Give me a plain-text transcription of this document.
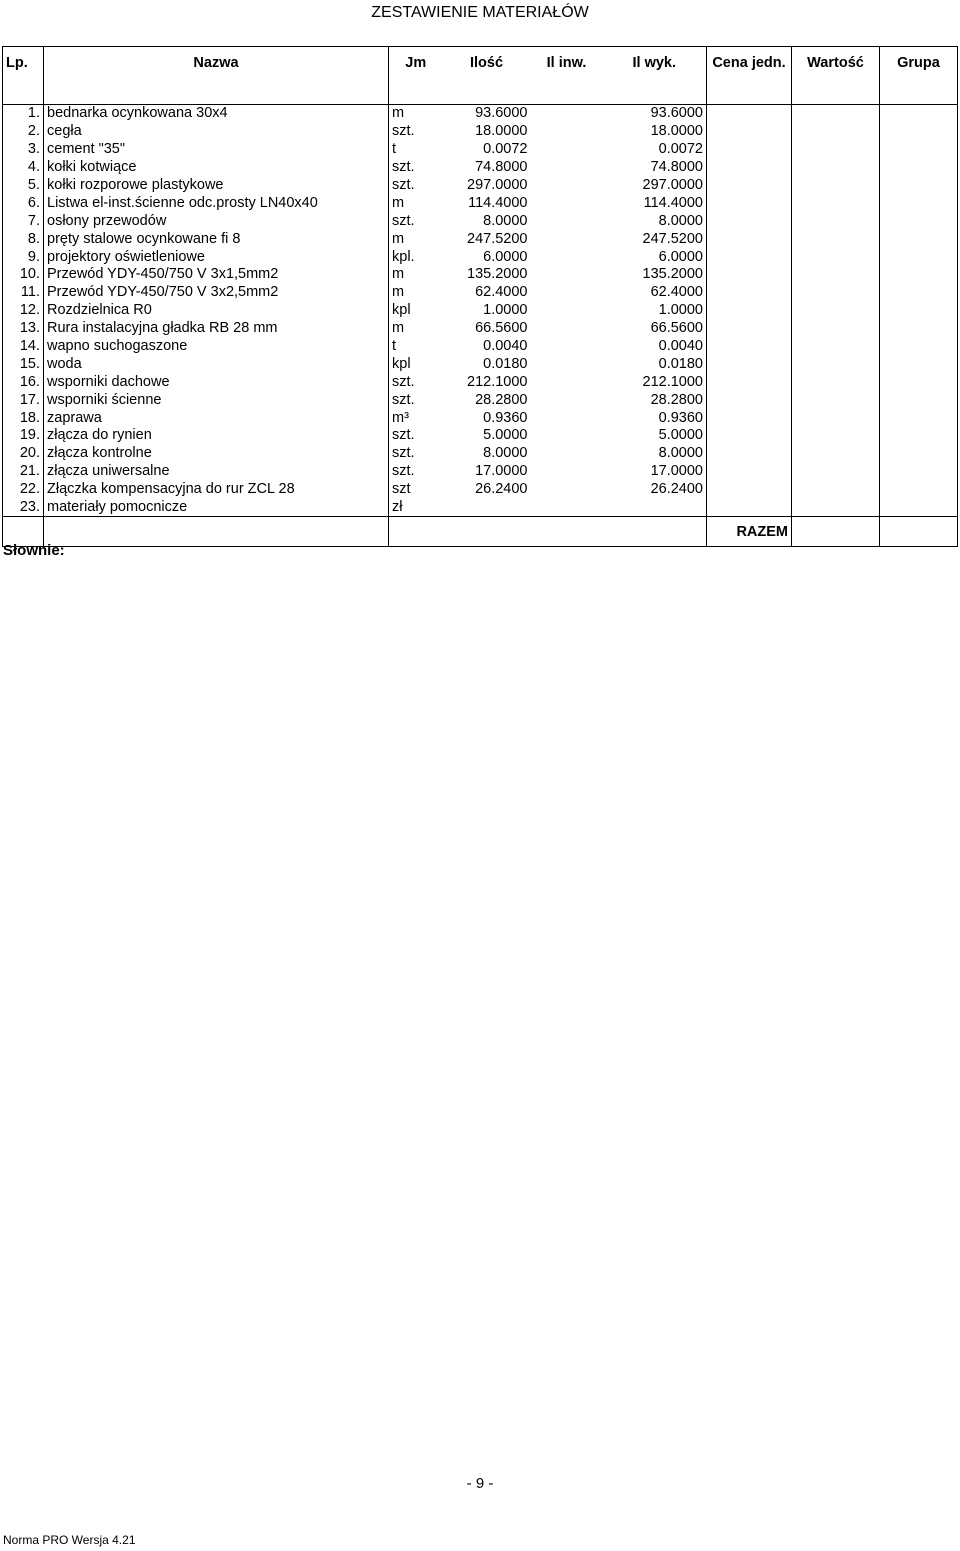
ZESTAWIENIE MATERIAŁÓW
Lp.	Nazwa	Jm	Ilość	Il inw.	Il wyk.	Cena jedn.	Wartość	Grupa
1.	bednarka ocynkowana 30x4	m	93.6000		93.6000			
2.	cegła	szt.	18.0000		18.0000			
3.	cement "35"	t	0.0072		0.0072			
4.	kołki kotwiące	szt.	74.8000		74.8000			
5.	kołki rozporowe plastykowe	szt.	297.0000		297.0000			
6.	Listwa el-inst.ścienne odc.prosty LN40x40	m	114.4000		114.4000			
7.	osłony przewodów	szt.	8.0000		8.0000			
8.	pręty stalowe ocynkowane fi 8	m	247.5200		247.5200			
9.	projektory oświetleniowe	kpl.	6.0000		6.0000			
10.	Przewód YDY-450/750 V 3x1,5mm2	m	135.2000		135.2000			
11.	Przewód YDY-450/750 V 3x2,5mm2	m	62.4000		62.4000			
12.	Rozdzielnica R0	kpl	1.0000		1.0000			
13.	Rura instalacyjna gładka RB 28 mm	m	66.5600		66.5600			
14.	wapno suchogaszone	t	0.0040		0.0040			
15.	woda	kpl	0.0180		0.0180			
16.	wsporniki dachowe	szt.	212.1000		212.1000			
17.	wsporniki ścienne	szt.	28.2800		28.2800			
18.	zaprawa	m³	0.9360		0.9360			
19.	złącza do rynien	szt.	5.0000		5.0000			
20.	złącza kontrolne	szt.	8.0000		8.0000			
21.	złącza uniwersalne	szt.	17.0000		17.0000			
22.	Złączka kompensacyjna do rur ZCL 28	szt	26.2400		26.2400			
23.	materiały pomocnicze	zł						
						RAZEM		
Słownie:
- 9 -
Norma PRO Wersja 4.21
